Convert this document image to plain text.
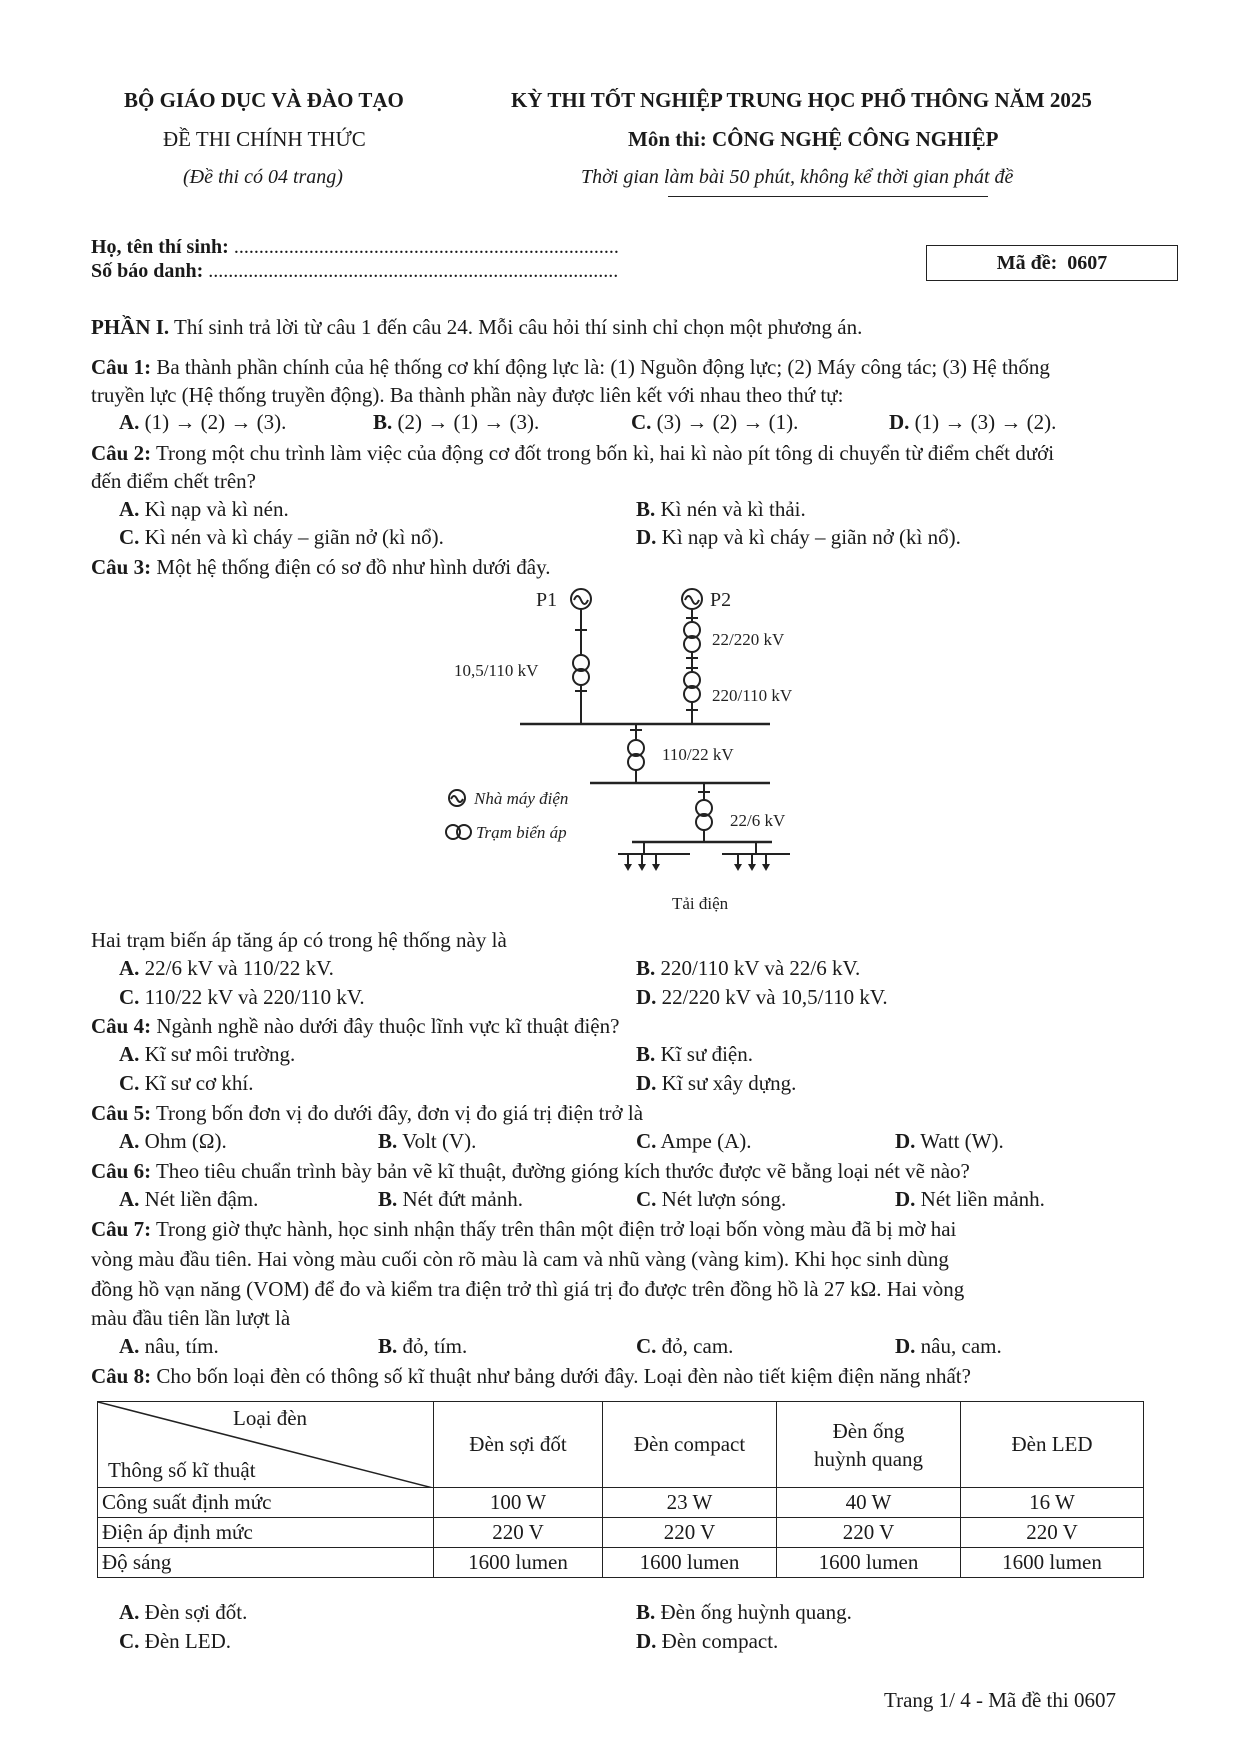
BỘ GIÁO DỤC VÀ ĐÀO TẠO
ĐỀ THI CHÍNH THỨC
(Đề thi có 04 trang)
KỲ THI TỐT NGHIỆP TRUNG HỌC PHỔ THÔNG NĂM 2025
Môn thi: CÔNG NGHỆ CÔNG NGHIỆP
Thời gian làm bài 50 phút, không kể thời gian phát đề
Họ, tên thí sinh: .............................................................................
Số báo danh: ..................................................................................	Mã đề: 0607
PHẦN I. Thí sinh trả lời từ câu 1 đến câu 24. Mỗi câu hỏi thí sinh chỉ chọn một phương án.
Câu 1: Ba thành phần chính của hệ thống cơ khí động lực là: (1) Nguồn động lực; (2) Máy công tác; (3) Hệ thống
truyền lực (Hệ thống truyền động). Ba thành phần này được liên kết với nhau theo thứ tự:
A. (1) → (2) → (3).	B. (2) → (1) → (3).	C. (3) → (2) → (1).	D. (1) → (3) → (2).
Câu 2: Trong một chu trình làm việc của động cơ đốt trong bốn kì, hai kì nào pít tông di chuyển từ điểm chết dưới
đến điểm chết trên?
A. Kì nạp và kì nén.	B. Kì nén và kì thải.
C. Kì nén và kì cháy – giãn nở (kì nổ).	D. Kì nạp và kì cháy – giãn nở (kì nổ).
Câu 3: Một hệ thống điện có sơ đồ như hình dưới đây.
P1	P2
10,5/110 kV
22/220 kV
220/110 kV
110/22 kV
22/6 kV
Tải điện
Nhà máy điện
Trạm biến áp
Hai trạm biến áp tăng áp có trong hệ thống này là
A. 22/6 kV và 110/22 kV.	B. 220/110 kV và 22/6 kV.
C. 110/22 kV và 220/110 kV.	D. 22/220 kV và 10,5/110 kV.
Câu 4: Ngành nghề nào dưới đây thuộc lĩnh vực kĩ thuật điện?
A. Kĩ sư môi trường.	B. Kĩ sư điện.
C. Kĩ sư cơ khí.	D. Kĩ sư xây dựng.
Câu 5: Trong bốn đơn vị đo dưới đây, đơn vị đo giá trị điện trở là
A. Ohm (Ω).	B. Volt (V).	C. Ampe (A).	D. Watt (W).
Câu 6: Theo tiêu chuẩn trình bày bản vẽ kĩ thuật, đường gióng kích thước được vẽ bằng loại nét vẽ nào?
A. Nét liền đậm.	B. Nét đứt mảnh.	C. Nét lượn sóng.	D. Nét liền mảnh.
Câu 7: Trong giờ thực hành, học sinh nhận thấy trên thân một điện trở loại bốn vòng màu đã bị mờ hai
vòng màu đầu tiên. Hai vòng màu cuối còn rõ màu là cam và nhũ vàng (vàng kim). Khi học sinh dùng
đồng hồ vạn năng (VOM) để đo và kiểm tra điện trở thì giá trị đo được trên đồng hồ là 27 kΩ. Hai vòng
màu đầu tiên lần lượt là
A. nâu, tím.	B. đỏ, tím.	C. đỏ, cam.	D. nâu, cam.
Câu 8: Cho bốn loại đèn có thông số kĩ thuật như bảng dưới đây. Loại đèn nào tiết kiệm điện năng nhất?
Loại đèn
Thông số kĩ thuật	Đèn sợi đốt	Đèn compact	Đèn ống
huỳnh quang	Đèn LED
Công suất định mức	100 W	23 W	40 W	16 W
Điện áp định mức	220 V	220 V	220 V	220 V
Độ sáng	1600 lumen	1600 lumen	1600 lumen	1600 lumen
A. Đèn sợi đốt.	B. Đèn ống huỳnh quang.
C. Đèn LED.	D. Đèn compact.
Trang 1/ 4 - Mã đề thi 0607
